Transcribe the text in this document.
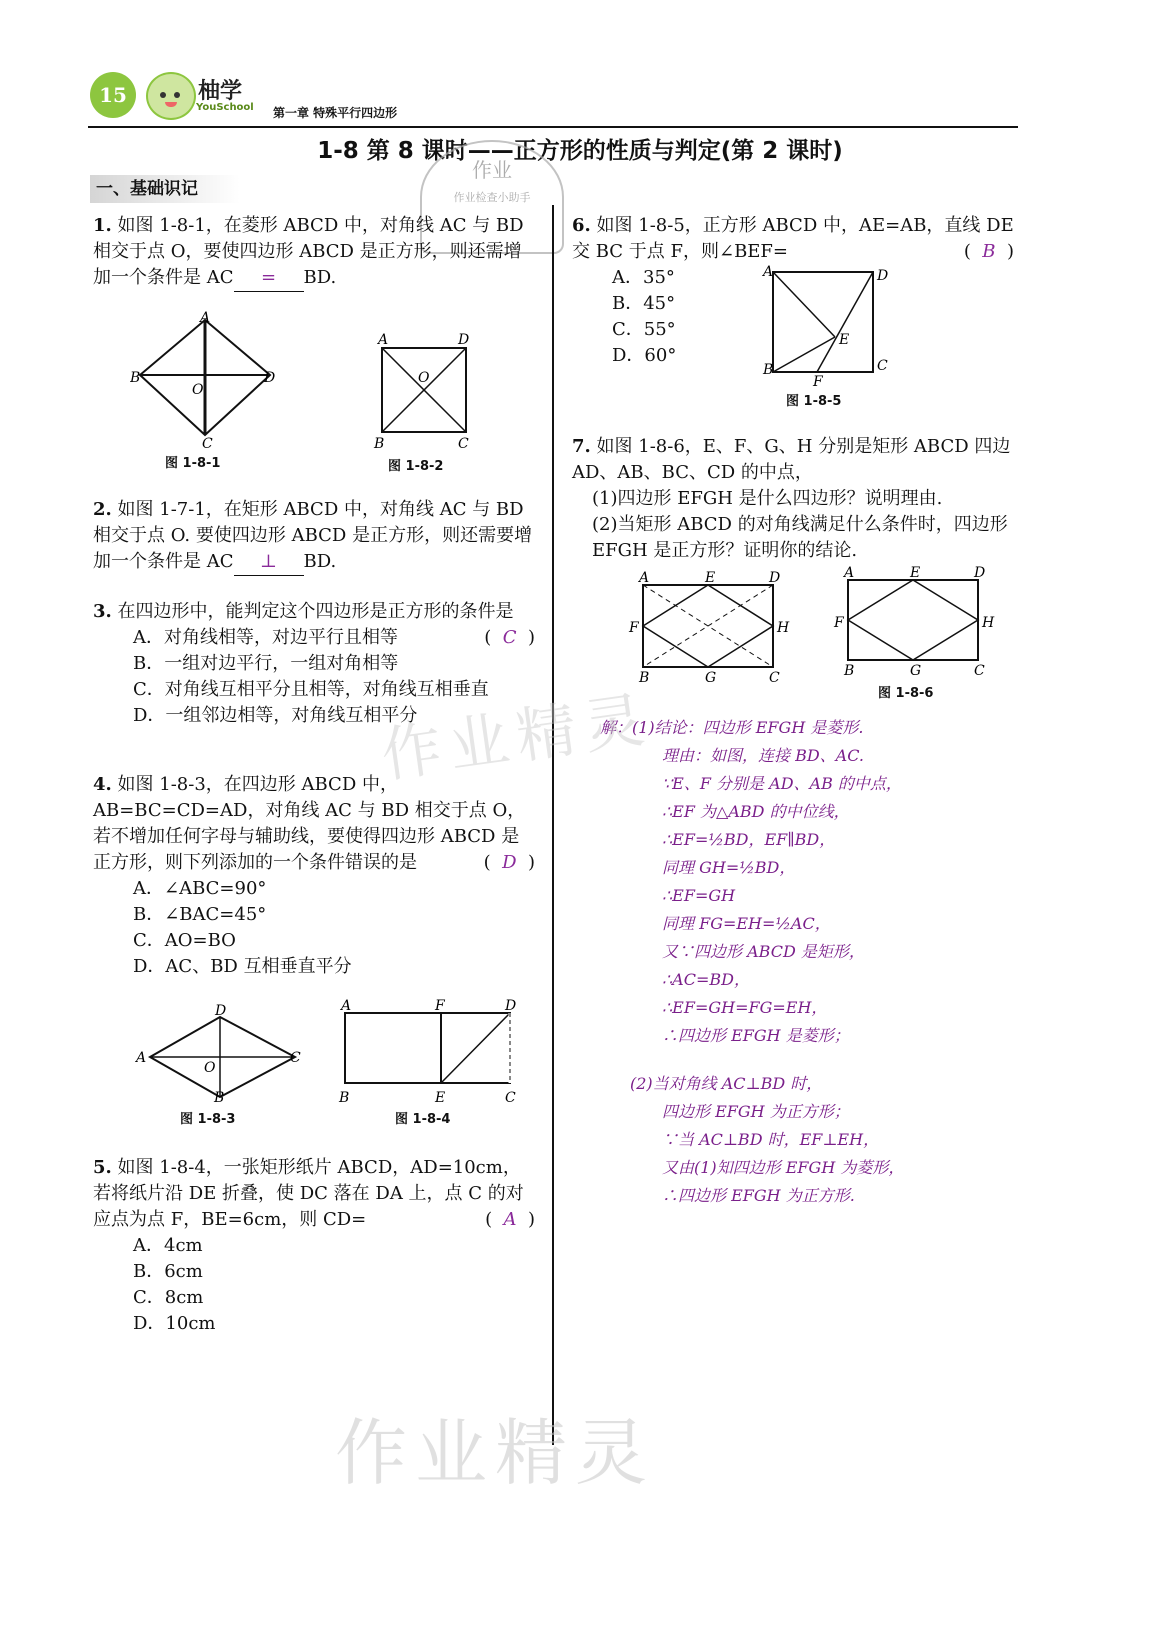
15	柚学
YouSchool 第一章 特殊平行四边形
1-8 第 8 课时——正方形的性质与判定(第 2 课时)
作业
作业检查小助手
一、基础识记

1. 如图 1-8-1，在菱形 ABCD 中，对角线 AC 与 BD 相交于点 O，要使四边形 ABCD 是正方形，则还需增加一个条件是 AC = BD.

A
B
C
D
O
图 1-8-1
A	D
B	C
O
图 1-8-2

2. 如图 1-7-1，在矩形 ABCD 中，对角线 AC 与 BD 相交于点 O. 要使四边形 ABCD 是正方形，则还需要增加一个条件是 AC ⊥ BD.

3. 在四边形中，能判定这个四边形是正方形的条件是
(  C  )

A．对角线相等，对边平行且相等

B．一组对边平行，一组对角相等

C．对角线互相平分且相等，对角线互相垂直

D．一组邻边相等，对角线互相平分

4. 如图 1-8-3，在四边形 ABCD 中，AB=BC=CD=AD，对角线 AC 与 BD 相交于点 O，若不增加任何字母与辅助线，要使得四边形 ABCD 是正方形，则下列添加的一个条件错误的是	(  D  )

A．∠ABC=90°

B．∠BAC=45°

C．AO=BO

D．AC、BD 互相垂直平分

D
A	C
B
O
图 1-8-3
A	F	D
B	E	C
图 1-8-4

5. 如图 1-8-4，一张矩形纸片 ABCD，AD=10cm，若将纸片沿 DE 折叠，使 DC 落在 DA 上，点 C 的对应点为点 F，BE=6cm，则 CD=	(  A  )

A．4cm

B．6cm

C．8cm

D．10cm

6. 如图 1-8-5，正方形 ABCD 中，AE=AB，直线 DE 交 BC 于点 F，则∠BEF=	(  B  )

A．35°

B．45°

C．55°

D．60°

A	D
B	C
E
F
图 1-8-5

7. 如图 1-8-6，E、F、G、H 分别是矩形 ABCD 四边 AD、AB、BC、CD 的中点，

(1)四边形 EFGH 是什么四边形？说明理由.

(2)当矩形 ABCD 的对角线满足什么条件时，四边形 EFGH 是正方形？证明你的结论.

A	E	D
F	H
B	G	C
A	E	D
F	H
B	G	C
图 1-8-6

解：(1)结论：四边形 EFGH 是菱形.

理由：如图，连接 BD、AC.

∵E、F 分别是 AD、AB 的中点，

∴EF 为△ABD 的中位线，

∴EF=½BD，EF∥BD，

同理 GH=½BD，

∴EF=GH

同理 FG=EH=½AC，

又∵四边形 ABCD 是矩形，

∴AC=BD，

∴EF=GH=FG=EH，

∴四边形 EFGH 是菱形；

(2)当对角线 AC⊥BD 时，

四边形 EFGH 为正方形；

∵当 AC⊥BD 时，EF⊥EH，

又由(1)知四边形 EFGH 为菱形，

∴四边形 EFGH 为正方形.

作业精灵
作业精灵
